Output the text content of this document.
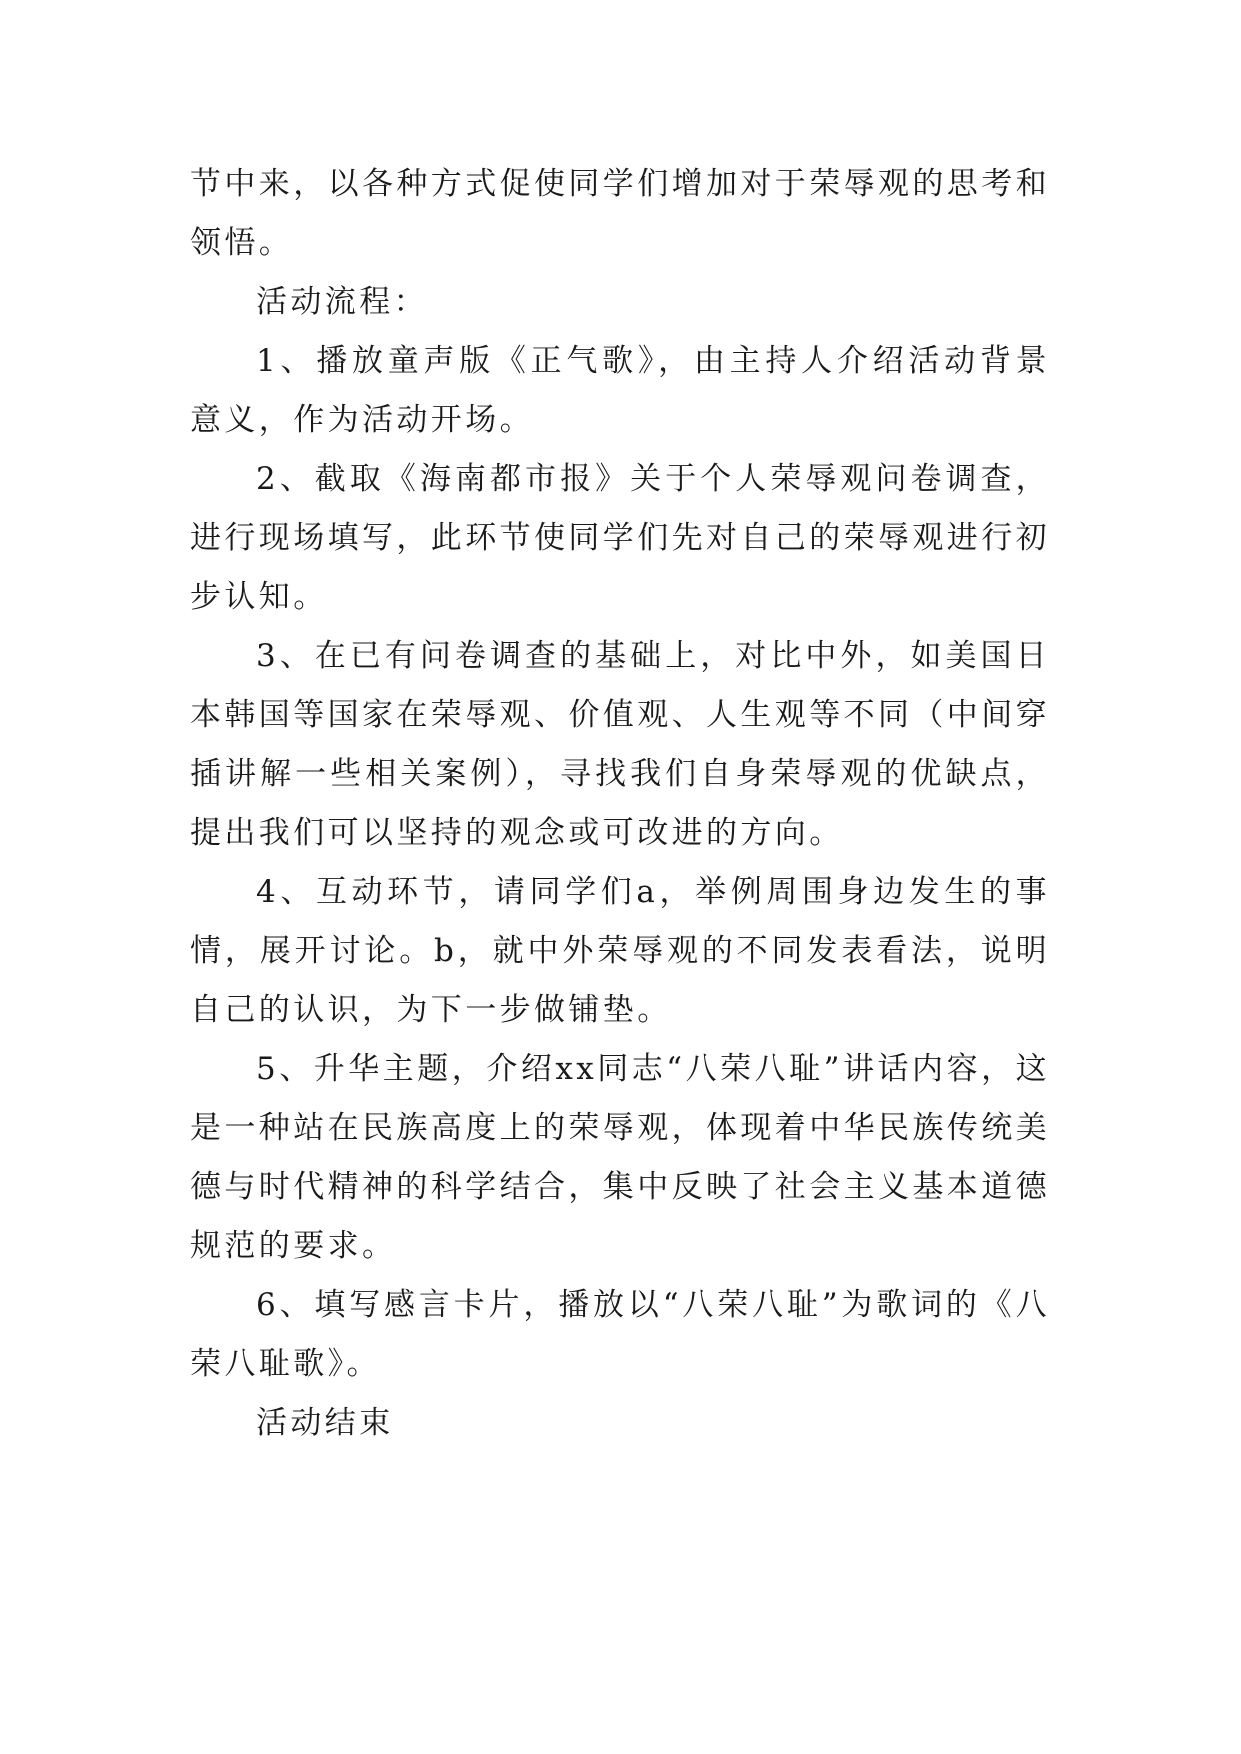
节中来，以各种方式促使同学们增加对于荣辱观的思考和领悟。

活动流程：

1、播放童声版《正气歌》，由主持人介绍活动背景意义，作为活动开场。

2、截取《海南都市报》关于个人荣辱观问卷调查，进行现场填写，此环节使同学们先对自己的荣辱观进行初步认知。

3、在已有问卷调查的基础上，对比中外，如美国日本韩国等国家在荣辱观、价值观、人生观等不同（中间穿插讲解一些相关案例），寻找我们自身荣辱观的优缺点，提出我们可以坚持的观念或可改进的方向。

4、互动环节，请同学们a，举例周围身边发生的事情，展开讨论。b，就中外荣辱观的不同发表看法，说明自己的认识，为下一步做铺垫。

5、升华主题，介绍xx同志“八荣八耻”讲话内容，这是一种站在民族高度上的荣辱观，体现着中华民族传统美德与时代精神的科学结合，集中反映了社会主义基本道德规范的要求。

6、填写感言卡片，播放以“八荣八耻”为歌词的《八荣八耻歌》。

活动结束
